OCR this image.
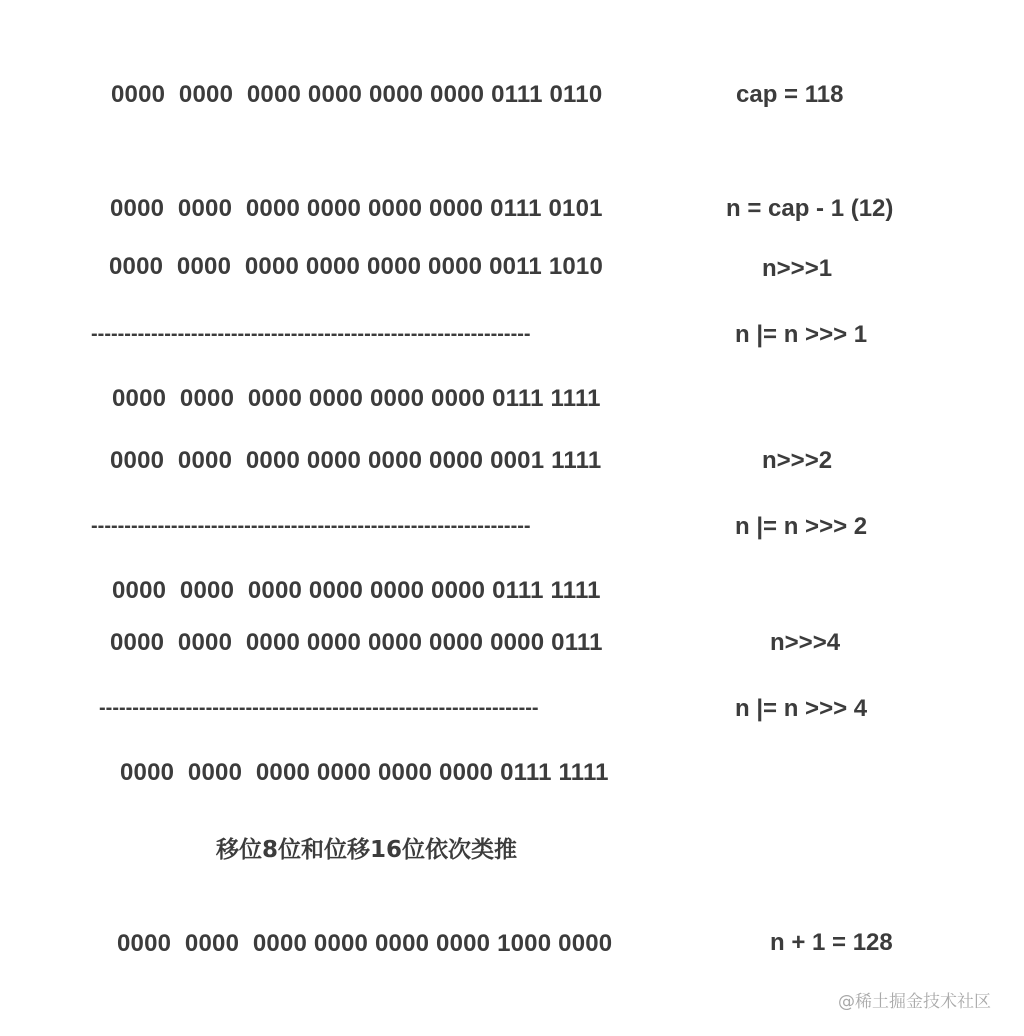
0000  0000  0000 0000 0000 0000 0111 0110	cap = 118
0000  0000  0000 0000 0000 0000 0111 0101	n = cap - 1 (12)
0000  0000  0000 0000 0000 0000 0011 1010	n>>>1
------------------------------------------------------------------	n |= n >>> 1
0000  0000  0000 0000 0000 0000 0111 1111
0000  0000  0000 0000 0000 0000 0001 1111	n>>>2
------------------------------------------------------------------	n |= n >>> 2
0000  0000  0000 0000 0000 0000 0111 1111
0000  0000  0000 0000 0000 0000 0000 0111	n>>>4
------------------------------------------------------------------	n |= n >>> 4
0000  0000  0000 0000 0000 0000 0111 1111
移位8位和位移16位依次类推
0000  0000  0000 0000 0000 0000 1000 0000	n + 1 = 128
@稀土掘金技术社区
